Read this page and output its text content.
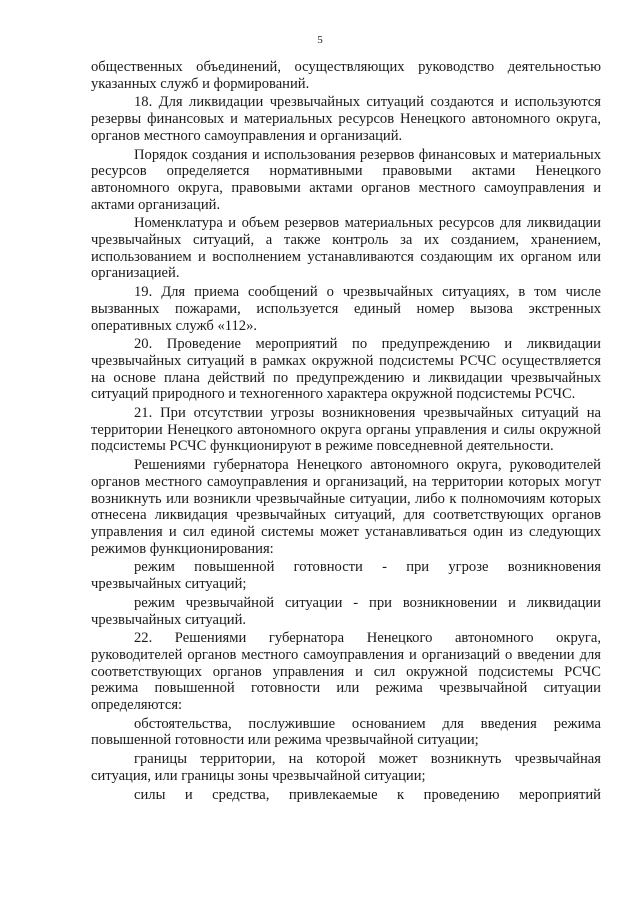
5

общественных объединений, осуществляющих руководство деятельностью указанных служб и формирований.

18. Для ликвидации чрезвычайных ситуаций создаются и используются резервы финансовых и материальных ресурсов Ненецкого автономного округа, органов местного самоуправления и организаций.

Порядок создания и использования резервов финансовых и материальных ресурсов определяется нормативными правовыми актами Ненецкого автономного округа, правовыми актами органов местного самоуправления и актами организаций.

Номенклатура и объем резервов материальных ресурсов для ликвидации чрезвычайных ситуаций, а также контроль за их созданием, хранением, использованием и восполнением устанавливаются создающим их органом или организацией.

19. Для приема сообщений о чрезвычайных ситуациях, в том числе вызванных пожарами, используется единый номер вызова экстренных оперативных служб «112».

20. Проведение мероприятий по предупреждению и ликвидации чрезвычайных ситуаций в рамках окружной подсистемы РСЧС осуществляется на основе плана действий по предупреждению и ликвидации чрезвычайных ситуаций природного и техногенного характера окружной подсистемы РСЧС.

21. При отсутствии угрозы возникновения чрезвычайных ситуаций на территории Ненецкого автономного округа органы управления и силы окружной подсистемы РСЧС функционируют в режиме повседневной деятельности.

Решениями губернатора Ненецкого автономного округа, руководителей органов местного самоуправления и организаций, на территории которых могут возникнуть или возникли чрезвычайные ситуации, либо к полномочиям которых отнесена ликвидация чрезвычайных ситуаций, для соответствующих органов управления и сил единой системы может устанавливаться один из следующих режимов функционирования:

режим повышенной готовности - при угрозе возникновения чрезвычайных ситуаций;

режим чрезвычайной ситуации - при возникновении и ликвидации чрезвычайных ситуаций.

22. Решениями губернатора Ненецкого автономного округа, руководителей органов местного самоуправления и организаций о введении для соответствующих органов управления и сил окружной подсистемы РСЧС режима повышенной готовности или режима чрезвычайной ситуации определяются:

обстоятельства, послужившие основанием для введения режима повышенной готовности или режима чрезвычайной ситуации;

границы территории, на которой может возникнуть чрезвычайная ситуация, или границы зоны чрезвычайной ситуации;

силы и средства, привлекаемые к проведению мероприятий
